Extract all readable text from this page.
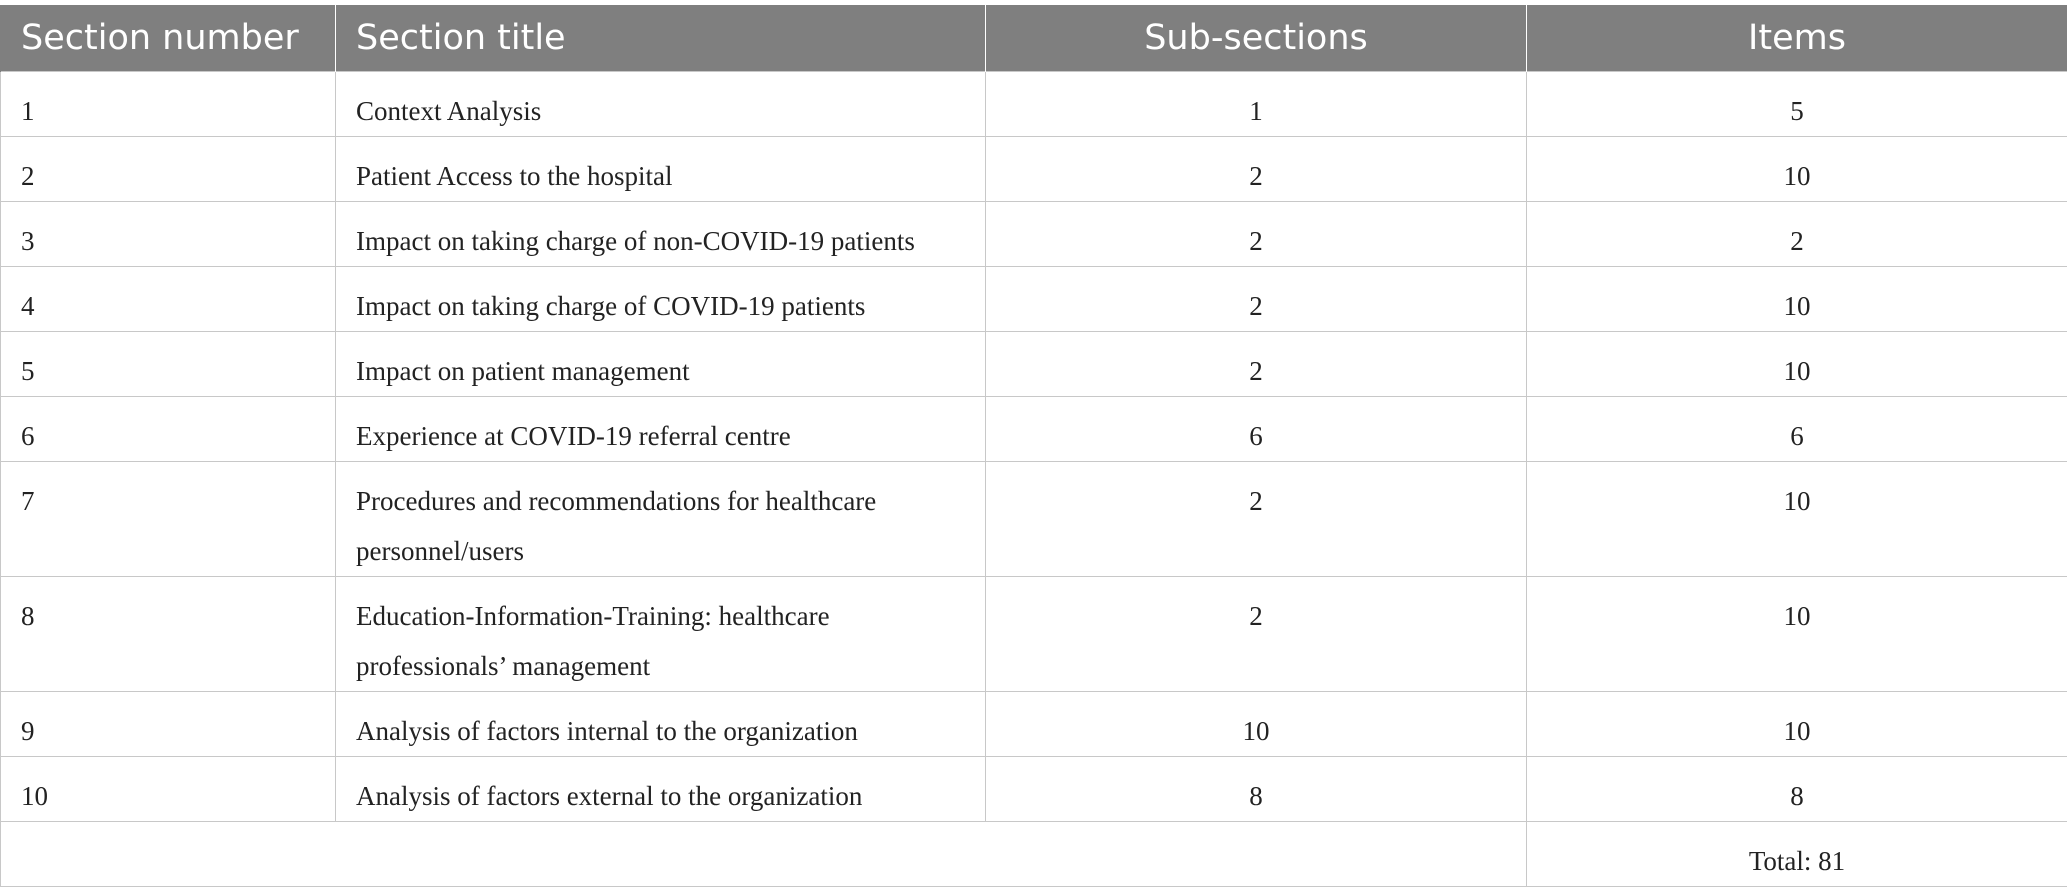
Section number	Section title	Sub-sections	Items
1	Context Analysis	1	5
2	Patient Access to the hospital	2	10
3	Impact on taking charge of non-COVID-19 patients	2	2
4	Impact on taking charge of COVID-19 patients	2	10
5	Impact on patient management	2	10
6	Experience at COVID-19 referral centre	6	6
7	Procedures and recommendations for healthcare personnel/users	2	10
8	Education-Information-Training: healthcare professionals’ management	2	10
9	Analysis of factors internal to the organization	10	10
10	Analysis of factors external to the organization	8	8
			Total: 81
